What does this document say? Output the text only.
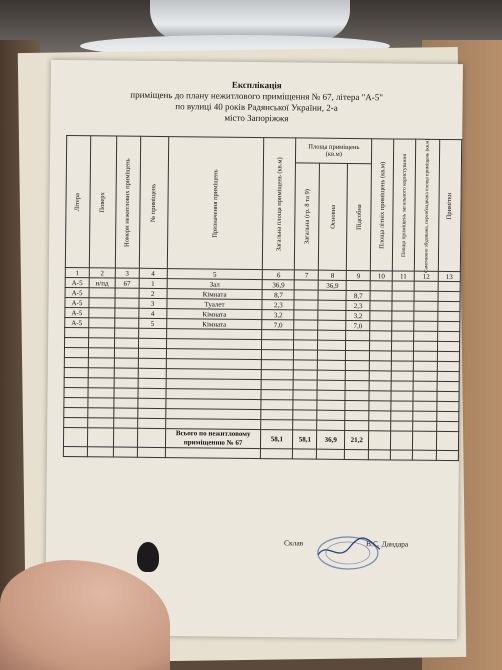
Експлікація
приміщень до плану нежитлового приміщення № 67, літера "А-5"
по вулиці 40 років Радянської України, 2-а
місто Запоріжжя
Літера	Поверх	Номери нежитлових приміщень	№ приміщень	Призначення приміщень	Загальна площа приміщень (кв.м)	Площа приміщень
(кв.м)			Площа літніх приміщень (кв.м)	Площа приміщень загального користування	Самочинно збудована, переобладнана площа приміщень (кв.м)	Примітки

						Загальна (гр. 8 та 9)	Основна	Підсобна				

1	2	3	4	5	6	7	8	9	10	11	12	13
А-5	н/пд	67	1	Зал	36,9		36,9					
А-5			2	Кімната	8,7			8,7				
А-5			3	Туалет	2,3			2,3				
А-5			4	Кімната	3,2			3,2				
А-5			5	Кімната	7,0			7,0				

				Всього по нежитловому
приміщенню № 67	58,1	58,1	36,9	21,2				

Склав	В.С. Дандара
